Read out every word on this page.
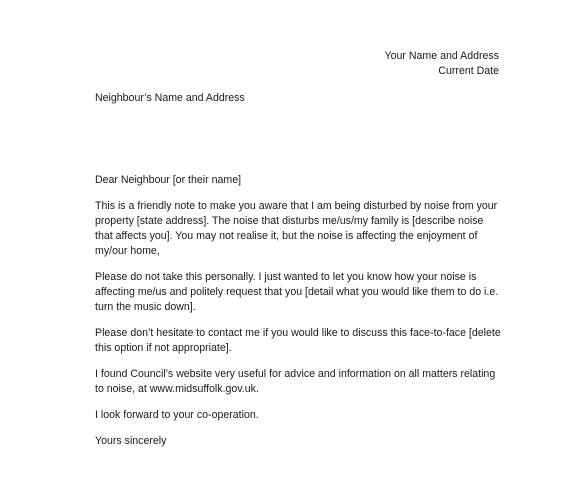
Your Name and Address
Current Date
Neighbour’s Name and Address

Dear Neighbour [or their name]

This is a friendly note to make you aware that I am being disturbed by noise from your
property [state address]. The noise that disturbs me/us/my family is [describe noise
that affects you]. You may not realise it, but the noise is affecting the enjoyment of
my/our home,

Please do not take this personally. I just wanted to let you know how your noise is
affecting me/us and politely request that you [detail what you would like them to do i.e.
turn the music down].

Please don’t hesitate to contact me if you would like to discuss this face-to-face [delete
this option if not appropriate].

I found Council’s website very useful for advice and information on all matters relating
to noise, at www.midsuffolk.gov.uk.

I look forward to your co-operation.

Yours sincerely
